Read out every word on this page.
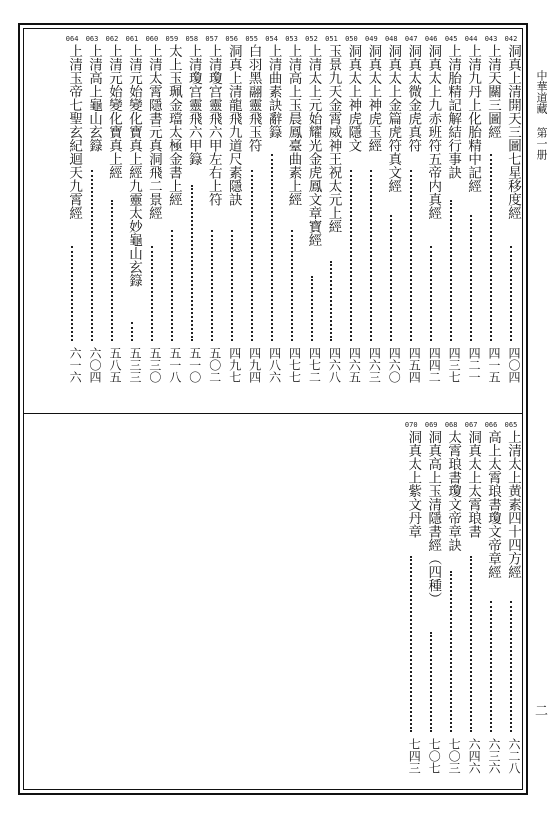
中華道藏 第一册
二
042
洞真上清開天三圖七星移度經
四〇四
043
上清天關三圖經
四一五
044
上清九丹上化胎精中記經
四二一
045
上清胎精記解結行事訣
四三七
046
洞真太上九赤班符五帝内真經
四四二
047
洞真太微金虎真符
四五四
048
洞真太上金篇虎符真文經
四六〇
049
洞真太上神虎玉經
四六三
050
洞真太上神虎隱文
四六五
051
玉景九天金霄威神王祝太元上經
四六八
052
上清太上元始耀光金虎鳳文章寶經
四七二
053
上清高上玉晨鳳臺曲素上經
四七七
054
上清曲素訣辭籙
四八六
055
白羽黑翮靈飛玉符
四九四
056
洞真上清龍飛九道尺素隱訣
四九七
057
上清瓊宫靈飛六甲左右上符
五〇二
058
上清瓊宫靈飛六甲籙
五一〇
059
太上玉珮金璫太極金書上經
五一八
060
上清太霄隱書元真洞飛二景經
五三〇
061
上清元始變化寶真上經九靈太妙龜山玄籙
五三三
062
上清元始變化寶真上經
五八五
063
上清高上龜山玄籙
六〇四
064
上清玉帝七聖玄紀迴天九霄經
六一六
065
上清太上黄素四十四方經
六二八
066
高上太霄琅書瓊文帝章經
六三六
067
洞真太上太霄琅書
六四六
068
太霄琅書瓊文帝章訣
七〇三
069
洞真高上玉清隱書經（四種）
七〇七
070
洞真太上紫文丹章
七四三
